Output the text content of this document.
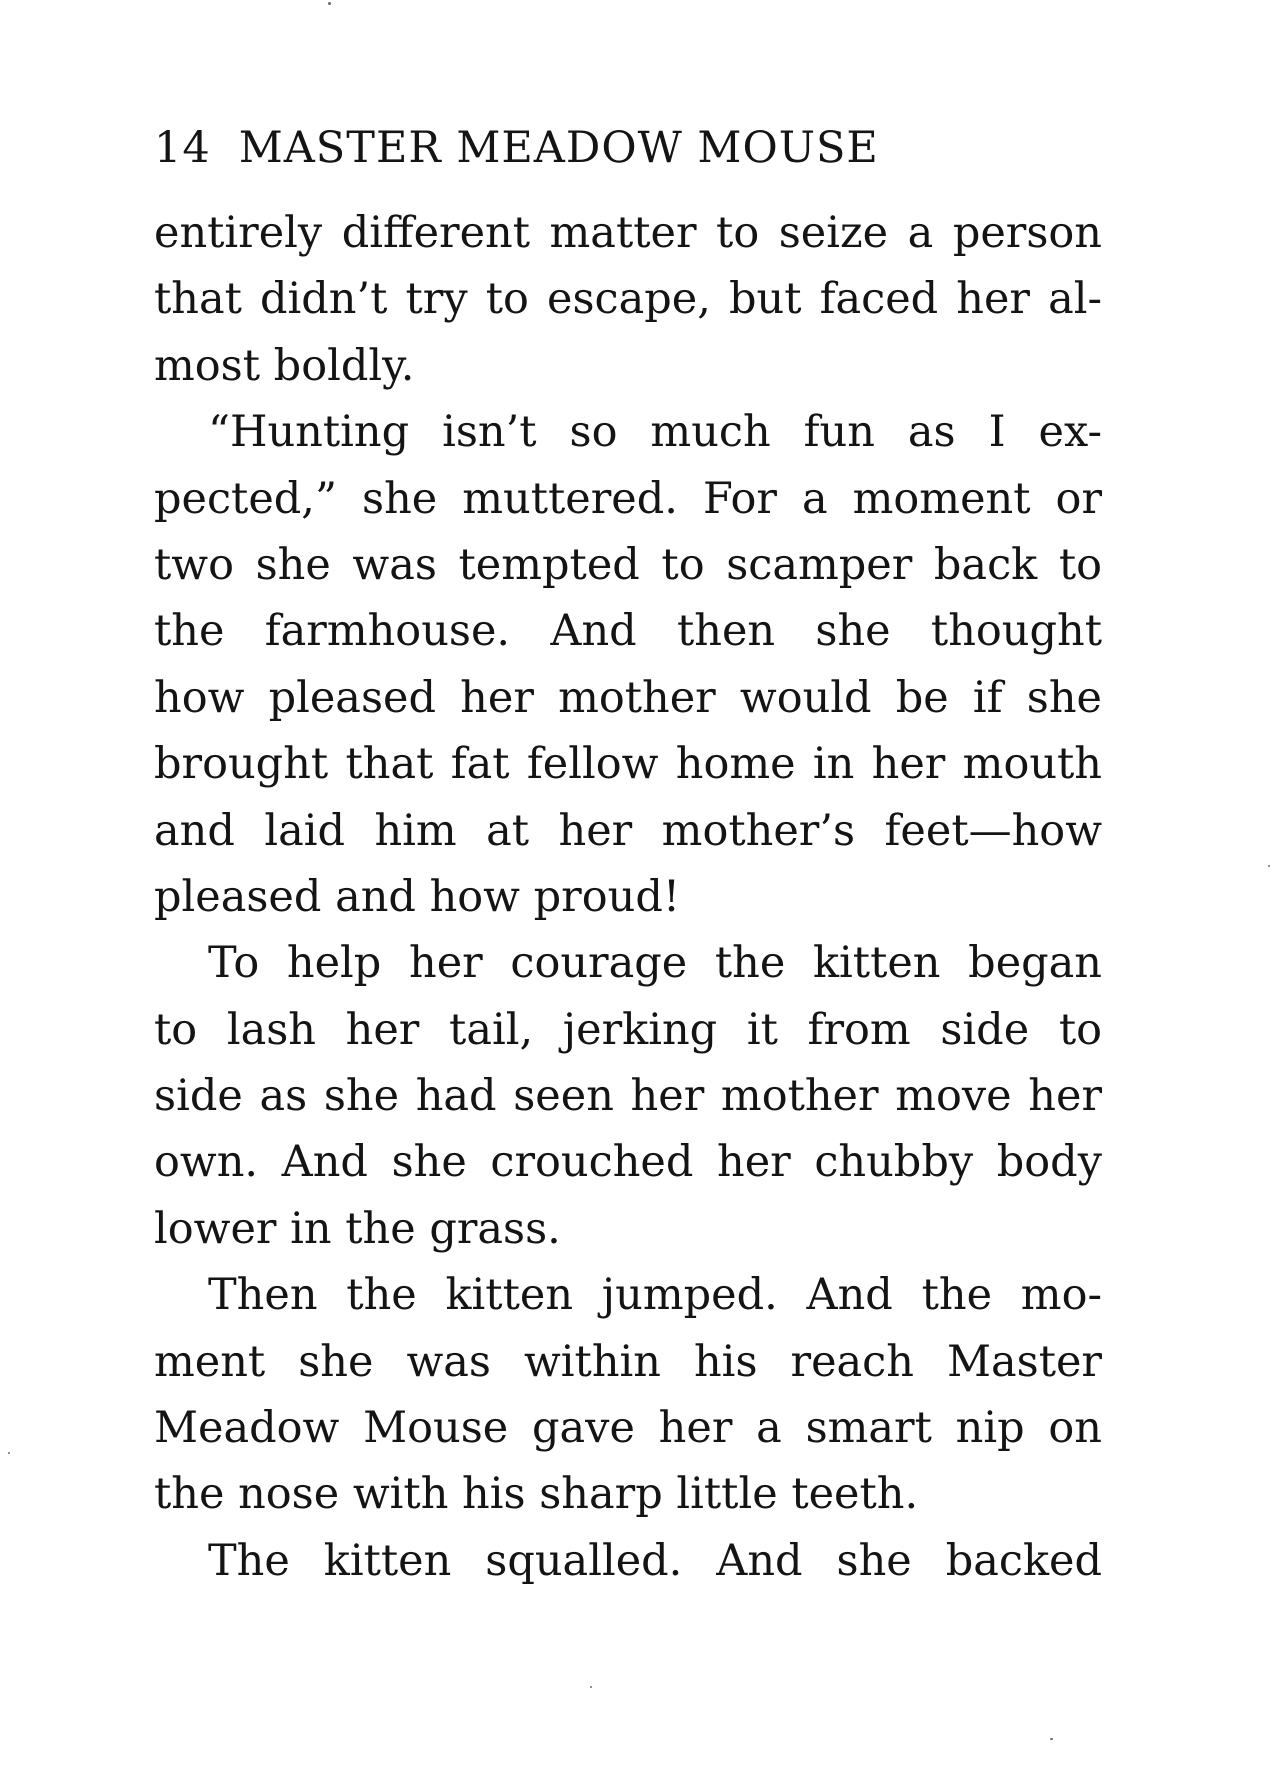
14 MASTER MEADOW MOUSE
entirely different matter to seize a person
that didn’t try to escape, but faced her al-
most boldly.
“Hunting isn’t so much fun as I ex-
pected,” she muttered. For a moment or
two she was tempted to scamper back to
the farmhouse. And then she thought
how pleased her mother would be if she
brought that fat fellow home in her mouth
and laid him at her mother’s feet—how
pleased and how proud!
To help her courage the kitten began
to lash her tail, jerking it from side to
side as she had seen her mother move her
own. And she crouched her chubby body
lower in the grass.
Then the kitten jumped. And the mo-
ment she was within his reach Master
Meadow Mouse gave her a smart nip on
the nose with his sharp little teeth.
The kitten squalled. And she backed
